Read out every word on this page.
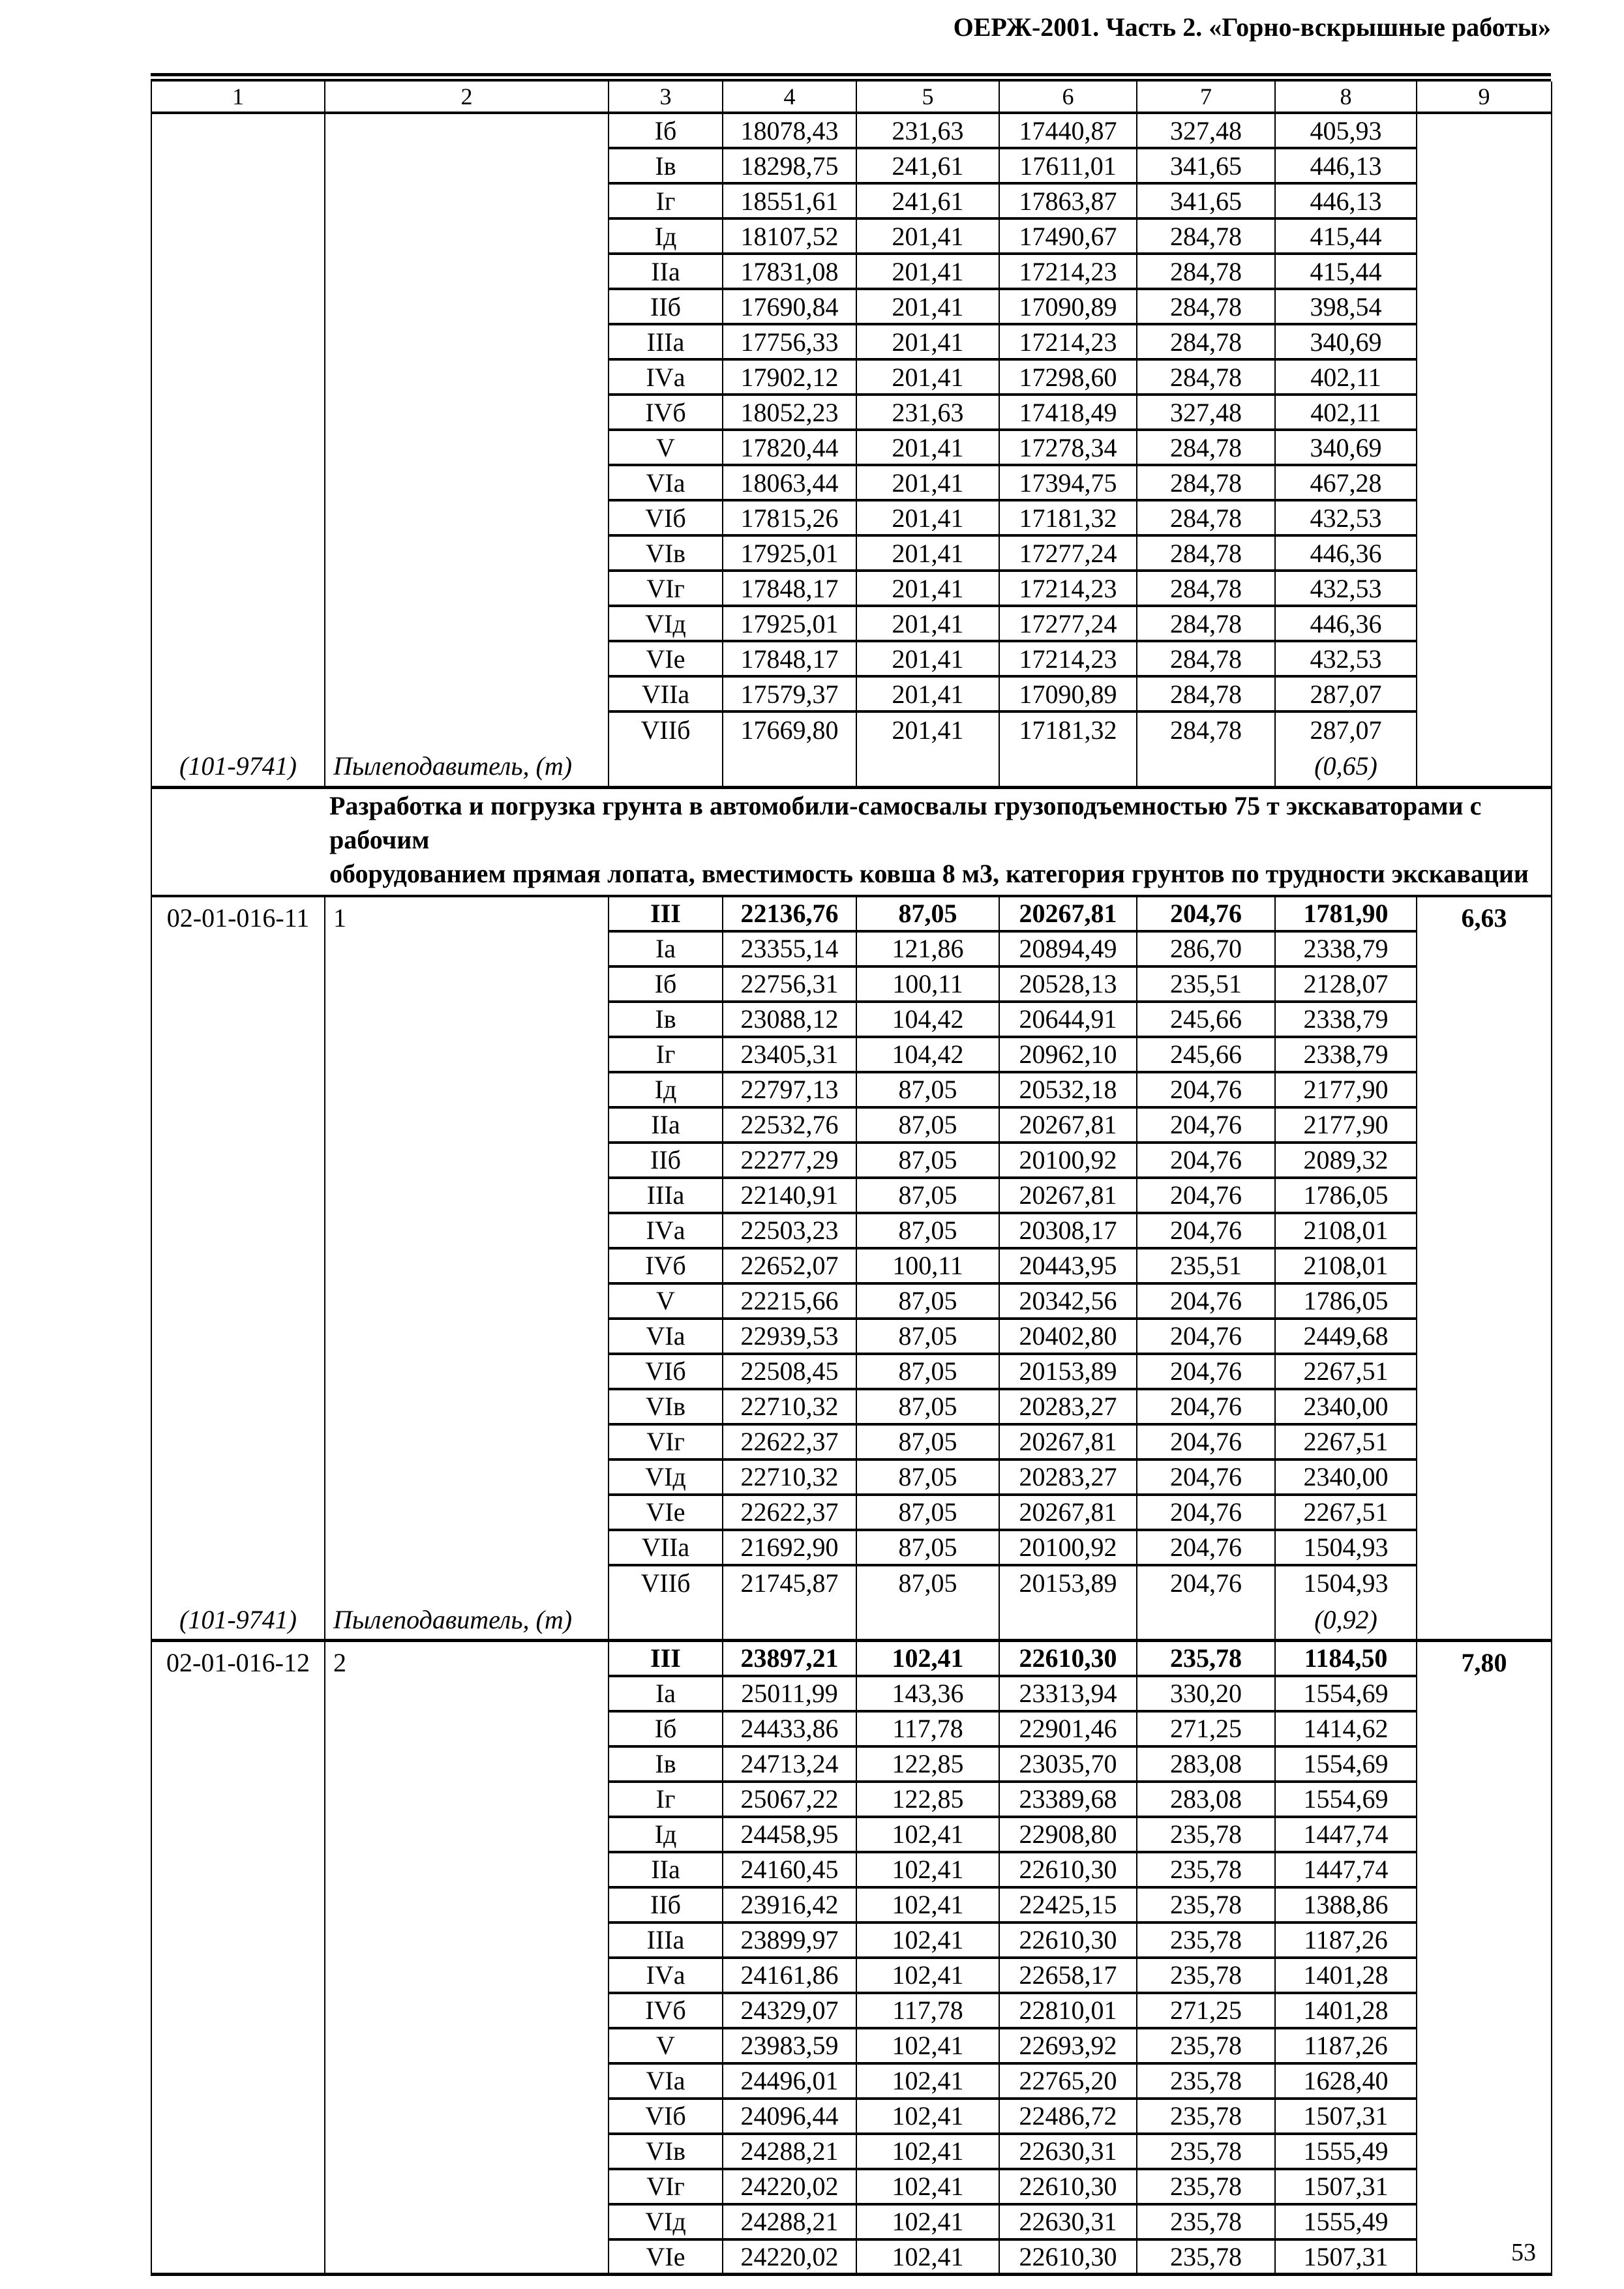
ОЕРЖ-2001. Часть 2. «Горно-вскрышные работы»
1	2	3	4	5	6	7	8	9
		Iб	18078,43	231,63	17440,87	327,48	405,93	
		Iв	18298,75	241,61	17611,01	341,65	446,13	
		Iг	18551,61	241,61	17863,87	341,65	446,13	
		Iд	18107,52	201,41	17490,67	284,78	415,44	
		IIа	17831,08	201,41	17214,23	284,78	415,44	
		IIб	17690,84	201,41	17090,89	284,78	398,54	
		IIIа	17756,33	201,41	17214,23	284,78	340,69	
		IVа	17902,12	201,41	17298,60	284,78	402,11	
		IVб	18052,23	231,63	17418,49	327,48	402,11	
		V	17820,44	201,41	17278,34	284,78	340,69	
		VIа	18063,44	201,41	17394,75	284,78	467,28	
		VIб	17815,26	201,41	17181,32	284,78	432,53	
		VIв	17925,01	201,41	17277,24	284,78	446,36	
		VIг	17848,17	201,41	17214,23	284,78	432,53	
		VIд	17925,01	201,41	17277,24	284,78	446,36	
		VIе	17848,17	201,41	17214,23	284,78	432,53	
		VIIа	17579,37	201,41	17090,89	284,78	287,07	
		VIIб	17669,80	201,41	17181,32	284,78	287,07	
(101-9741)	Пылеподавитель, (т)						(0,65)	
Разработка и погрузка грунта в автомобили-самосвалы грузоподъемностью 75 т экскаваторами с рабочим
оборудованием прямая лопата, вместимость ковша 8 м3, категория грунтов по трудности экскавации								
02-01-016-11	1	III	22136,76	87,05	20267,81	204,76	1781,90	6,63
		Iа	23355,14	121,86	20894,49	286,70	2338,79	
		Iб	22756,31	100,11	20528,13	235,51	2128,07	
		Iв	23088,12	104,42	20644,91	245,66	2338,79	
		Iг	23405,31	104,42	20962,10	245,66	2338,79	
		Iд	22797,13	87,05	20532,18	204,76	2177,90	
		IIа	22532,76	87,05	20267,81	204,76	2177,90	
		IIб	22277,29	87,05	20100,92	204,76	2089,32	
		IIIа	22140,91	87,05	20267,81	204,76	1786,05	
		IVа	22503,23	87,05	20308,17	204,76	2108,01	
		IVб	22652,07	100,11	20443,95	235,51	2108,01	
		V	22215,66	87,05	20342,56	204,76	1786,05	
		VIа	22939,53	87,05	20402,80	204,76	2449,68	
		VIб	22508,45	87,05	20153,89	204,76	2267,51	
		VIв	22710,32	87,05	20283,27	204,76	2340,00	
		VIг	22622,37	87,05	20267,81	204,76	2267,51	
		VIд	22710,32	87,05	20283,27	204,76	2340,00	
		VIе	22622,37	87,05	20267,81	204,76	2267,51	
		VIIа	21692,90	87,05	20100,92	204,76	1504,93	
		VIIб	21745,87	87,05	20153,89	204,76	1504,93	
(101-9741)	Пылеподавитель, (т)						(0,92)	
02-01-016-12	2	III	23897,21	102,41	22610,30	235,78	1184,50	7,80
		Iа	25011,99	143,36	23313,94	330,20	1554,69	
		Iб	24433,86	117,78	22901,46	271,25	1414,62	
		Iв	24713,24	122,85	23035,70	283,08	1554,69	
		Iг	25067,22	122,85	23389,68	283,08	1554,69	
		Iд	24458,95	102,41	22908,80	235,78	1447,74	
		IIа	24160,45	102,41	22610,30	235,78	1447,74	
		IIб	23916,42	102,41	22425,15	235,78	1388,86	
		IIIа	23899,97	102,41	22610,30	235,78	1187,26	
		IVа	24161,86	102,41	22658,17	235,78	1401,28	
		IVб	24329,07	117,78	22810,01	271,25	1401,28	
		V	23983,59	102,41	22693,92	235,78	1187,26	
		VIа	24496,01	102,41	22765,20	235,78	1628,40	
		VIб	24096,44	102,41	22486,72	235,78	1507,31	
		VIв	24288,21	102,41	22630,31	235,78	1555,49	
		VIг	24220,02	102,41	22610,30	235,78	1507,31	
		VIд	24288,21	102,41	22630,31	235,78	1555,49	
		VIе	24220,02	102,41	22610,30	235,78	1507,31		53
